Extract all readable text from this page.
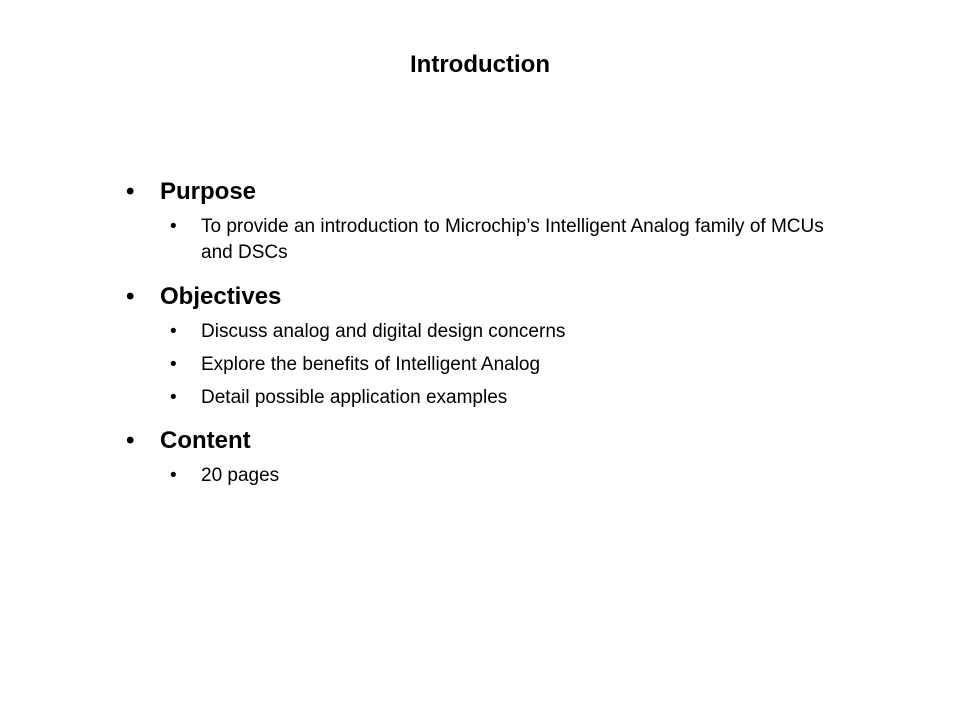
Introduction
•	Purpose
•	To provide an introduction to Microchip’s Intelligent Analog family of MCUs and DSCs
•	Objectives
•	Discuss analog and digital design concerns
•	Explore the benefits of Intelligent Analog
•	Detail possible application examples
•	Content
•	20 pages
